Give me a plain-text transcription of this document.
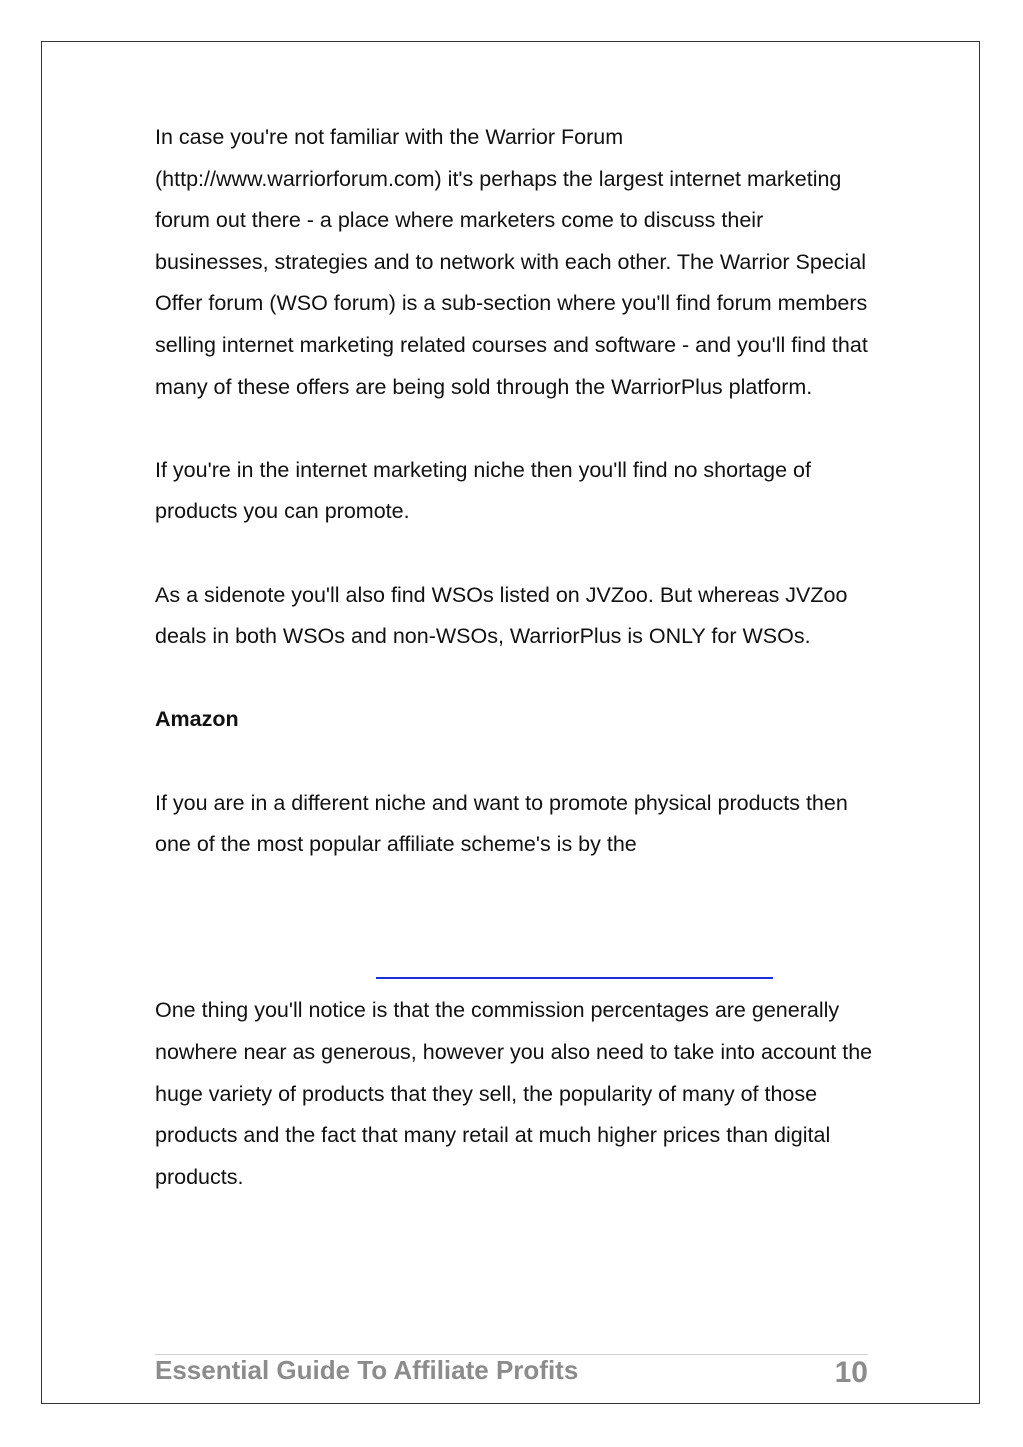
In case you're not familiar with the Warrior Forum (http://www.warriorforum.com) it's perhaps the largest internet marketing forum out there - a place where marketers come to discuss their businesses, strategies and to network with each other. The Warrior Special Offer forum (WSO forum) is a sub-section where you'll find forum members selling internet marketing related courses and software - and you'll find that many of these offers are being sold through the WarriorPlus platform.

If you're in the internet marketing niche then you'll find no shortage of products you can promote.

As a sidenote you'll also find WSOs listed on JVZoo. But whereas JVZoo deals in both WSOs and non-WSOs, WarriorPlus is ONLY for WSOs.

Amazon

If you are in a different niche and want to promote physical products then one of the most popular affiliate scheme's is by the

One thing you'll notice is that the commission percentages are generally nowhere near as generous, however you also need to take into account the huge variety of products that they sell, the popularity of many of those products and the fact that many retail at much higher prices than digital products.

Essential Guide To Affiliate Profits	10
